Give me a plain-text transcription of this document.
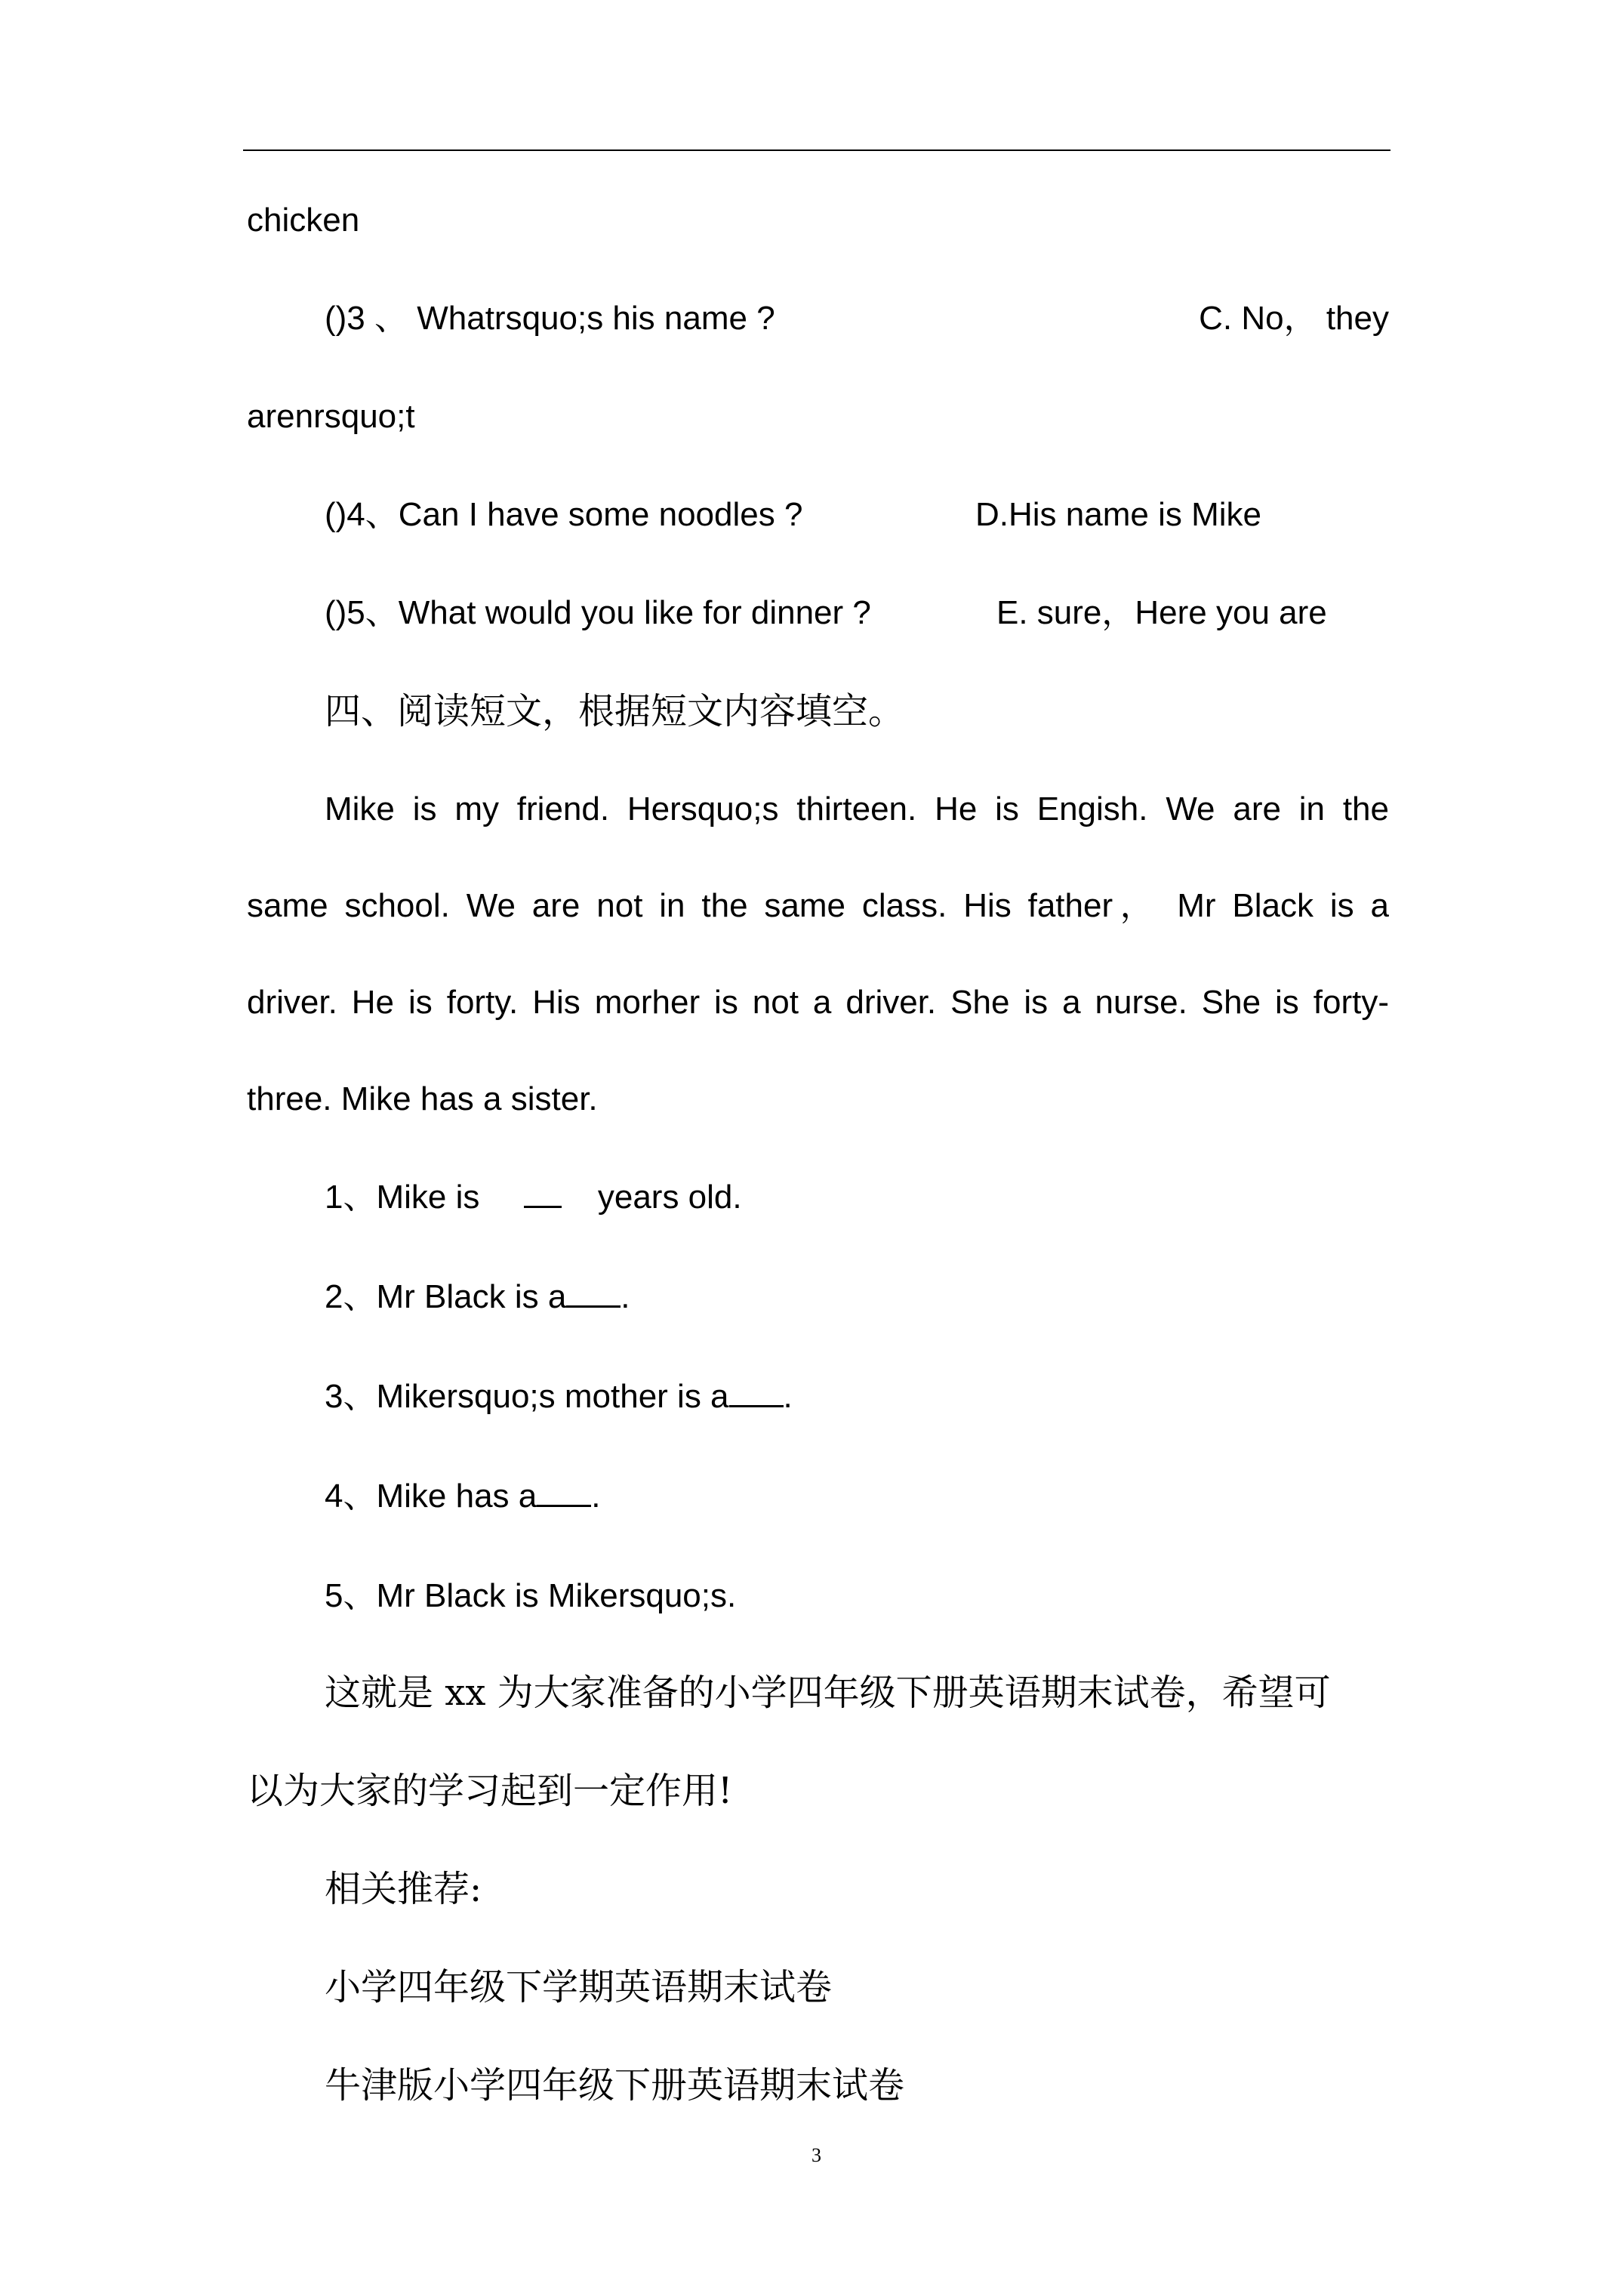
chicken
()3 、 Whatrsquo;s his name ?	C. No， they
arenrsquo;t
()4、Can I have some noodles ?	D.His name is Mike
()5、What would you like for dinner ?	E. sure，Here you are
四、阅读短文，根据短文内容填空。
Mike is my friend. Hersquo;s thirteen. He is Engish. We are in the
same school. We are not in the same class. His father， Mr Black is a
driver. He is forty. His morher is not a driver. She is a nurse. She is forty-
three. Mike has a sister.
1、Mike is	years old.
2、Mr Black is a .
3、Mikersquo;s mother is a .
4、Mike has a .
5、Mr Black is Mikersquo;s.
这就是 xx 为大家准备的小学四年级下册英语期末试卷，希望可
以为大家的学习起到一定作用!
相关推荐:
小学四年级下学期英语期末试卷
牛津版小学四年级下册英语期末试卷
3
